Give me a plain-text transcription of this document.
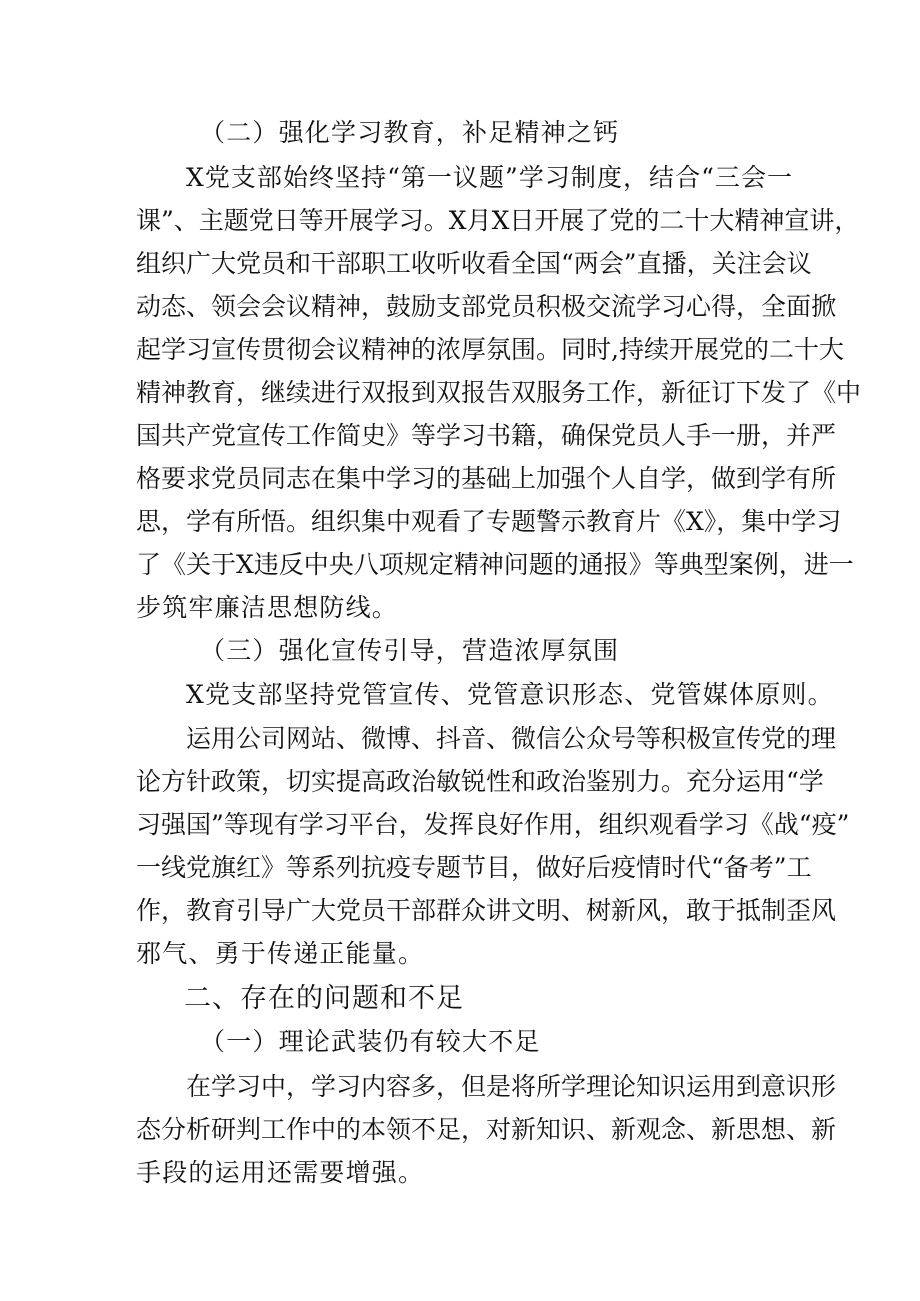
（二）强化学习教育，补足精神之钙
X党支部始终坚持“第一议题”学习制度，结合“三会一
课”、主题党日等开展学习。X月X日开展了党的二十大精神宣讲，
组织广大党员和干部职工收听收看全国“两会”直播，关注会议
动态、领会会议精神，鼓励支部党员积极交流学习心得，全面掀
起学习宣传贯彻会议精神的浓厚氛围。同时,持续开展党的二十大
精神教育，继续进行双报到双报告双服务工作，新征订下发了《中
国共产党宣传工作简史》等学习书籍，确保党员人手一册，并严
格要求党员同志在集中学习的基础上加强个人自学，做到学有所
思，学有所悟。组织集中观看了专题警示教育片《X》，集中学习
了《关于X违反中央八项规定精神问题的通报》等典型案例，进一
步筑牢廉洁思想防线。
（三）强化宣传引导，营造浓厚氛围
X党支部坚持党管宣传、党管意识形态、党管媒体原则。
运用公司网站、微博、抖音、微信公众号等积极宣传党的理
论方针政策，切实提高政治敏锐性和政治鉴别力。充分运用“学
习强国”等现有学习平台，发挥良好作用，组织观看学习《战“疫”
一线党旗红》等系列抗疫专题节目，做好后疫情时代“备考”工
作，教育引导广大党员干部群众讲文明、树新风，敢于抵制歪风
邪气、勇于传递正能量。
二、存在的问题和不足
（一）理论武装仍有较大不足
在学习中，学习内容多，但是将所学理论知识运用到意识形
态分析研判工作中的本领不足，对新知识、新观念、新思想、新
手段的运用还需要增强。
